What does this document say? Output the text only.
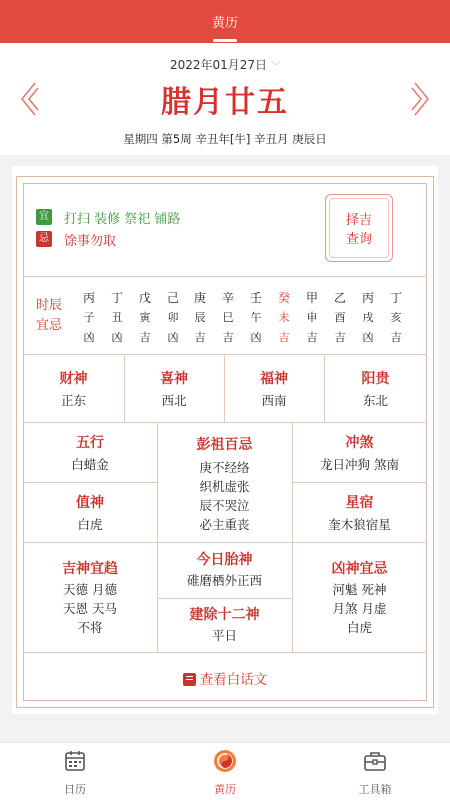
黄历
2022年01月27日 ﹀
腊月廿五
星期四 第5周 辛丑年[牛] 辛丑月 庚辰日
宜 打扫 装修 祭祀 铺路
忌 馀事勿取
择吉
查询
时辰
宜忌
丙
子
凶
丁
丑
凶
戊
寅
吉
己
卯
凶
庚
辰
吉
辛
巳
吉
壬
午
凶
癸
未
吉
甲
申
吉
乙
酉
吉
丙
戌
凶
丁
亥
吉
财神
正东
喜神
西北
福神
西南
阳贵
东北
五行
白蜡金
值神
白虎
彭祖百忌
庚不经络
织机虚张
辰不哭泣
必主重丧
冲煞
龙日冲狗 煞南
星宿
奎木狼宿星
吉神宜趋
天德 月德
天恩 天马
不将
今日胎神
碓磨栖外正西
建除十二神
平日
凶神宜忌
河魁 死神
月煞 月虚
白虎
查看白话文
日历	黄历	工具箱
